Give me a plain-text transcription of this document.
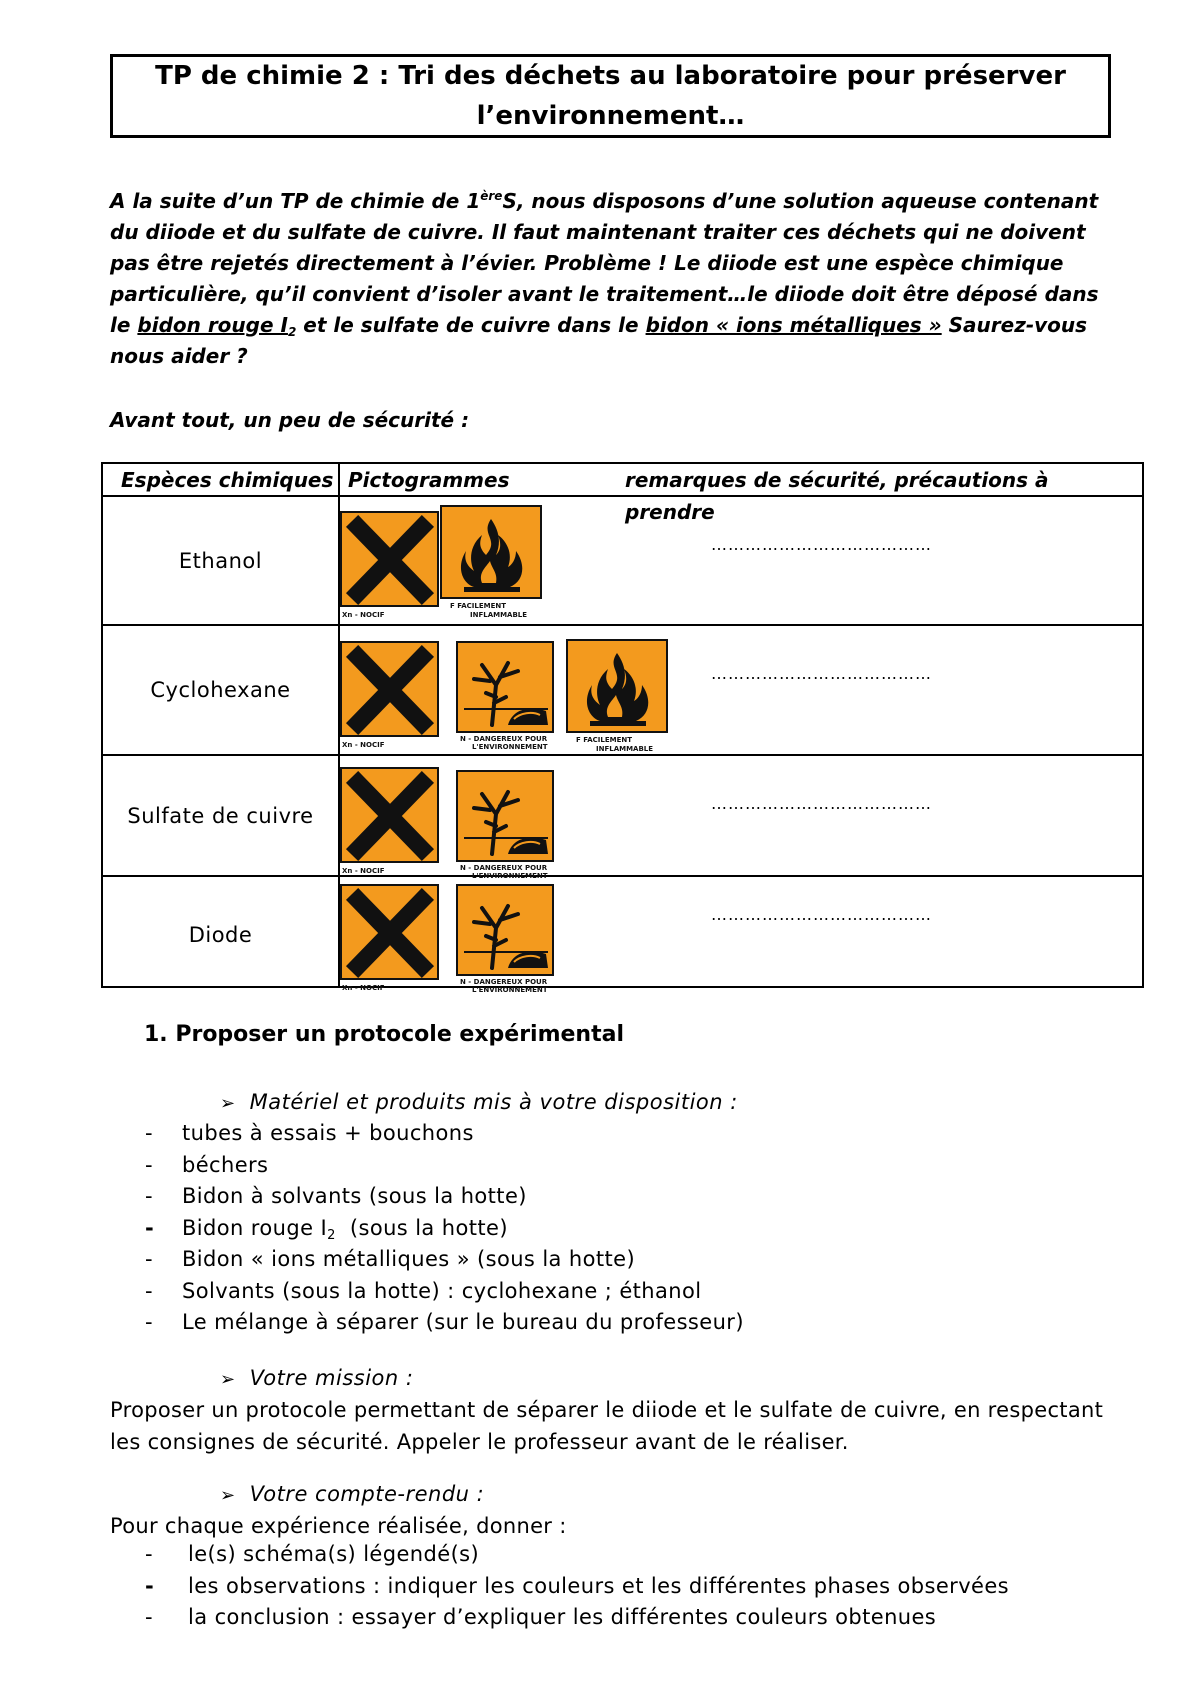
TP de chimie 2 : Tri des déchets au laboratoire pour préserver
l’environnement…
A la suite d’un TP de chimie de 1èreS, nous disposons d’une solution aqueuse contenant du diiode et du sulfate de cuivre. Il faut maintenant traiter ces déchets qui ne doivent pas être rejetés directement à l’évier. Problème ! Le diiode est une espèce chimique particulière, qu’il convient d’isoler avant le traitement…le diiode doit être déposé dans le bidon rouge $I_2$ et le sulfate de cuivre dans le bidon « ions métalliques » Saurez-vous nous aider ?
Avant tout, un peu de sécurité :
Espèces chimiques Pictogrammes	remarques de sécurité, précautions à prendre
Ethanol
Xn - NOCIF
F FACILEMENT
INFLAMMABLE
…………………………………
Cyclohexane
Xn - NOCIF
N - DANGEREUX POUR
L'ENVIRONNEMENT
F FACILEMENT
INFLAMMABLE
…………………………………
Sulfate de cuivre
Xn - NOCIF	N - DANGEREUX POUR
L'ENVIRONNEMENT
…………………………………
Diode
Xn - NOCIF
N - DANGEREUX POUR
L'ENVIRONNEMENT
…………………………………
1. Proposer un protocole expérimental
➢ Matériel et produits mis à votre disposition :
- tubes à essais + bouchons
- béchers
- Bidon à solvants (sous la hotte)
- Bidon rouge $I_2$  (sous la hotte)
- Bidon « ions métalliques » (sous la hotte)
- Solvants (sous la hotte) : cyclohexane ; éthanol
- Le mélange à séparer (sur le bureau du professeur)
➢ Votre mission :
Proposer un protocole permettant de séparer le diiode et le sulfate de cuivre, en respectant les consignes de sécurité. Appeler le professeur avant de le réaliser.
➢ Votre compte-rendu :
Pour chaque expérience réalisée, donner :
- le(s) schéma(s) légendé(s)
- les observations : indiquer les couleurs et les différentes phases observées
- la conclusion : essayer d’expliquer les différentes couleurs obtenues
